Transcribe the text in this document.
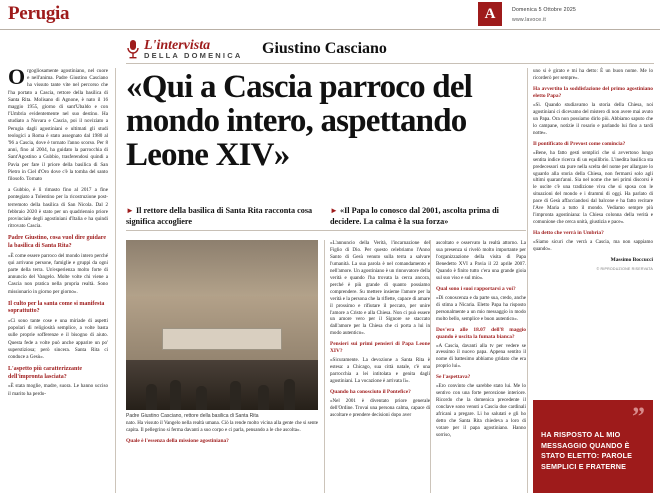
Perugia	A	Domenica 5 Ottobre 2025
www.lavoce.it
L'intervista
DELLA DOMENICA Giustino Casciano
«Qui a Cascia parroco del mondo intero, aspettando Leone XIV»
► Il rettore della basilica di Santa Rita racconta cosa significa accogliere
► «Il Papa lo conosco dal 2001, ascolta prima di decidere. La calma è la sua forza»

Orgogliosamente agostiniano, nel cuore e nell'anima. Padre Giustino Casciano ha vissuto tante vite nel percorso che l'ha portato a Cascia, rettore della basilica di Santa Rita. Molisano di Agnone, è nato il 16 maggio 1955, giorno di sant'Ubaldo e con l'Umbria evidentemente nel suo destino. Ha studiato a Novara e Cascia, poi il noviziato a Perugia dagli agostiniani e ultimati gli studi teologici a Roma è stato assegnato dal 1980 al '96 a Cascia, dove è tornato l'anno scorso. Per 8 anni, fino al 2004, ha guidato la parrocchia di Sant'Agostino a Gubbio, trasferendosi quindi a Pavia per fare il priore della basilica di San Pietro in Ciel d'Oro dove c'è la tomba del santo filosofo. Tornato

a Gubbio, è lì rimasto fino al 2017 a fine pontegiato a Tolentino per la ricostruzione post-terremoto della basilica di San Nicola. Dal 2 febbraio 2020 è stato per un quadriennio priore provinciale degli agostiniani d'Italia e ha quindi ritrovato Cascia.

Padre Giustino, cosa vuol dire guidare la basilica di Santa Rita?

«È come essere parroco del mondo intero perché qui arrivano persone, famiglie e gruppi da ogni parte della terra. Un'esperienza molto forte di annuncio del Vangelo. Molte volte chi viene a Cascia non pratica nella propria realtà. Sono missionario in giorno per giorno».

Il culto per la santa come si manifesta soprattutto?

«Ci sono tante cose e una miriade di aspetti popolari di religiosità semplice, a volte basta sulle proprie sofferenze e il bisogno di aiuto. Questa fede a volte può anche apparire un po' superstiziosa; però sincera. Santa Rita ci conduce a Gesù».

L'aspetto più caratterizzante dell'impronta lasciata?

«È stata moglie, madre, suora. Le hanno ucciso il marito ha perdo-

Padre Giustino Casciano, rettore della basilica di Santa Rita

nato. Ha vissuto il Vangelo nella realtà umana. Ciò la rende molto vicina alla gente che si sente capita. Il pellegrino si ferma davanti a suo corpo e ci parla, pensando a le che ascolta».

Quale è l'essenza della missione agostiniana?

«L'annuncio della Verità, l'incarnazione del Figlio di Dio. Per questo celebriamo l'Anno Santo di Gesù venuto sulla terra a salvare l'umanità. La sua parola è nel comandamento e nell'amore. Un agostiniano è un rinnovatore della verità e quando l'ha trovata la cerca ancora, perché è più grande di quanto possiamo comprendere. Su mettere insieme l'amore per la verità e la persona che la riflette, capace di amare il prossimo e rifiutare il peccato, per unire l'amore a Cristo e alla Chiesa. Non ci può essere un amore vero per il Signore se staccato dall'amore per la Chiesa che ci porta a lui in modo autentico».

Pensieri sui primi pensieri di Papa Leone XIV?

«Sicuramente. La devozione a Santa Rita è estesa: a Chicago, sua città natale, c'è una parrocchia a lei intitolata e genita dagli agostiniani. La vocazione è arrivata lì».

Quando ha conosciuto il Pontefice?

«Nel 2001 è diventato priore generale dell'Ordine. Trovai una persona calma, capace di ascoltare e prendere decisioni dopo aver

ascoltato e osservato la realtà attorno. La sua presenza si rivelò molto importante per l'organizzazione della visita di Papa Benedetto XVI a Pavia il 22 aprile 2007. Quando è finito tutto c'era una grande gioia sul suo viso e sul mio».

Qual sono i suoi rapportarsi a voi?

«Di conoscenza e da parte sua, credo, anche di stima a Nicaria. Eletto Papa ha risposto personalmente a un mio messaggio in modo molto bello, semplice e buon autentico».

Dov'era alle 18.07 dell'8 maggio quando è uscita la fumata bianca?

«A Cascia, davanti alla tv per vedere se avessimo il nuovo papa. Appena sentito il nome di battesimo abbiamo gridato che era proprio lui».

Se l'aspettava?

«Ero convinto che sarebbe stato lui. Me lo sentivo con una forte percezione interiore. Ricordo che la domenica precedente il conclave sono venuti a Cascia due cardinali africani a pregare. Li ho salutati e gli ho detto che Santa Rita chiedeva a loro di votare per il papa agostiniano. Hanno sorriso,

uno si è girato e mi ha detto: È un buon nome. Me lo ricorderò per sempre».

Ha avvertito la soddisfazione del primo agostiniano eletto Papa?

«Sì. Quando studiavamo la storia della Chiesa, noi agostiniani ci dicevamo del mistero di non avere mai avuto un Papa. Ora non possiamo dirlo più. Abbiamo saputo che lo campane, notizie il rosario e parlando lui fino a tardi notte».

Il pontificato di Prevost come comincia?

«Bene, ha fatto gesti semplici che si avvertono lungo sentita indice ricerca di un equilibrio. L'inedita basilica sta predecessori sta pure nella scelta del nome per allargare lo sguardo alla storia della Chiesa, non fermarsi solo agli ultimi quarant'anni. Sia nel nome che nei primi discorsi è le uscite c'è una tradizione viva che si sposa con le situazioni del mondo e i drammi di oggi. Ha parlato di pace di Gesù affacciandosi dal balcone e ha fatto recitare l'Ave Maria a tutto il mondo. Vediamo sempre più l'impronta agostiniana: la Chiesa colonna della verità e comunione che cerca unità, giustizia e pace».

Ha detto che verrà in Umbria?

«Siamo sicuri che verrà a Cascia, ma non sappiamo quando».

Massimo Boccucci
© RIPRODUZIONE RISERVATA
”
HA RISPOSTO AL MIO MESSAGGIO QUANDO È STATO ELETTO: PAROLE SEMPLICI E FRATERNE
